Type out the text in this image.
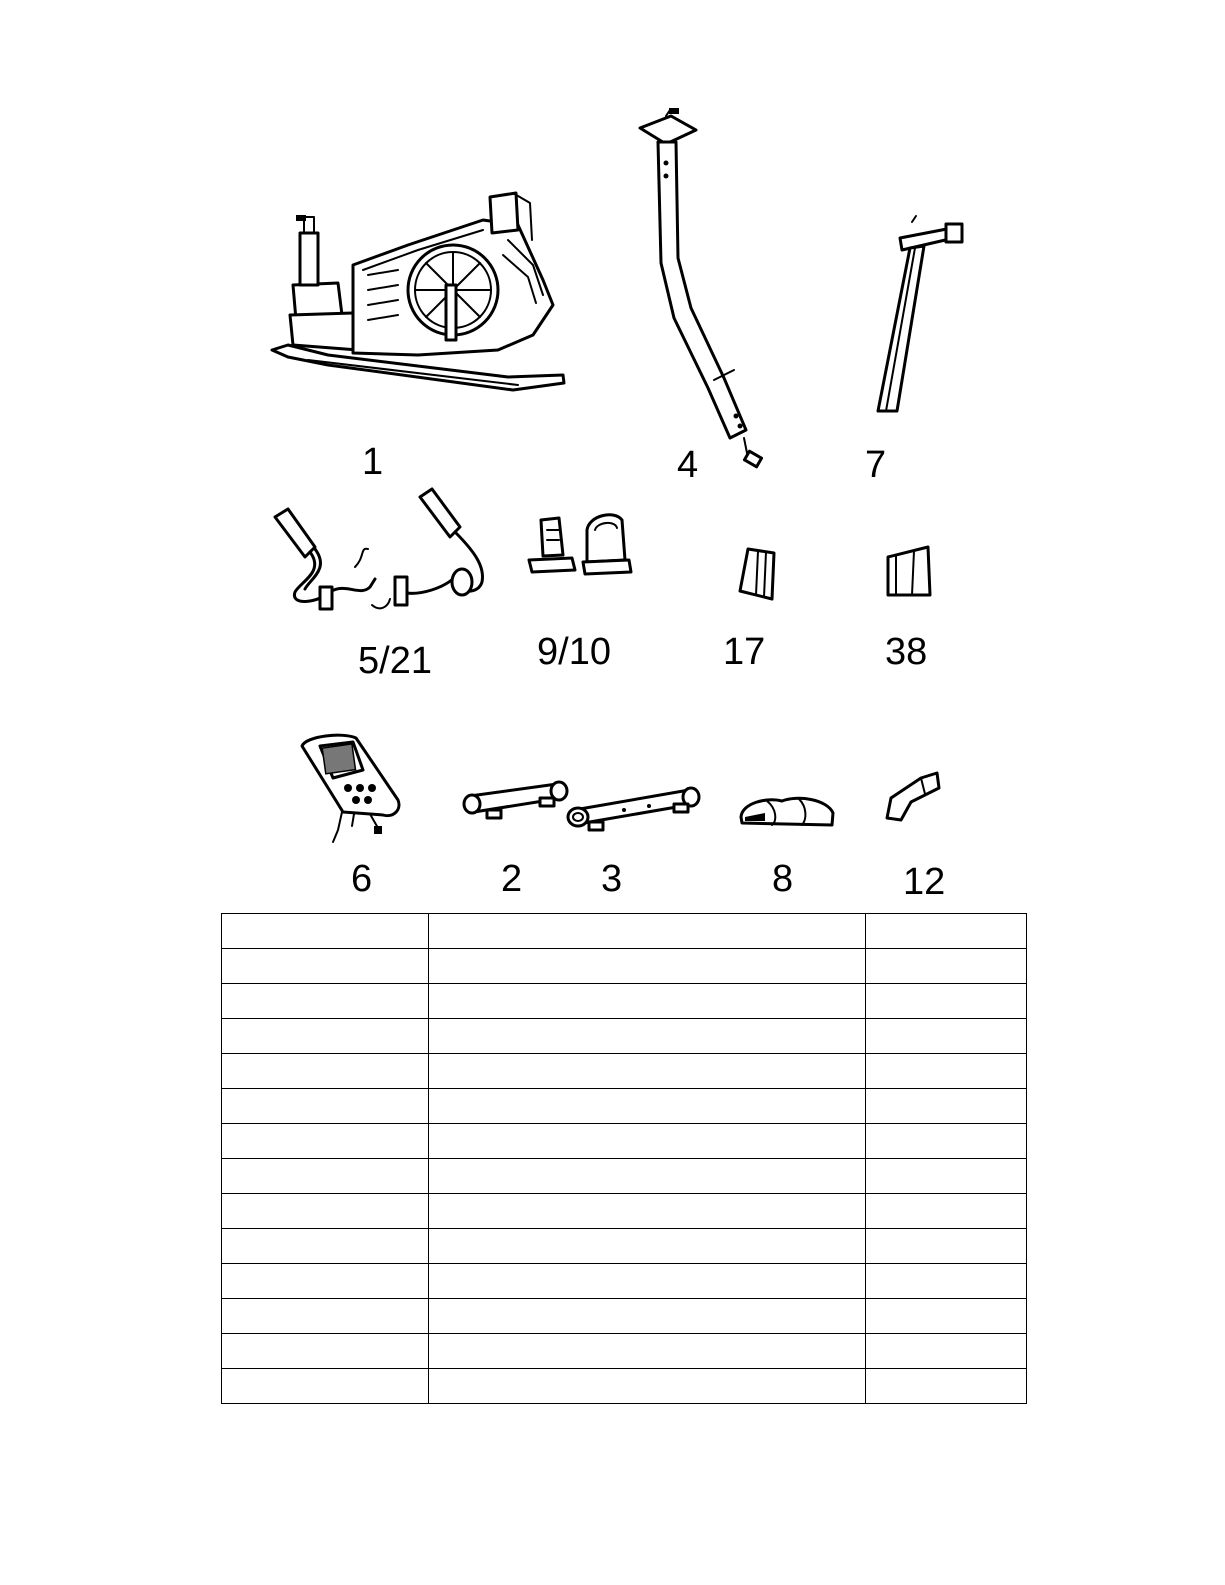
1	4	7
5/21	9/10	17	38
6	2 3	8	12
